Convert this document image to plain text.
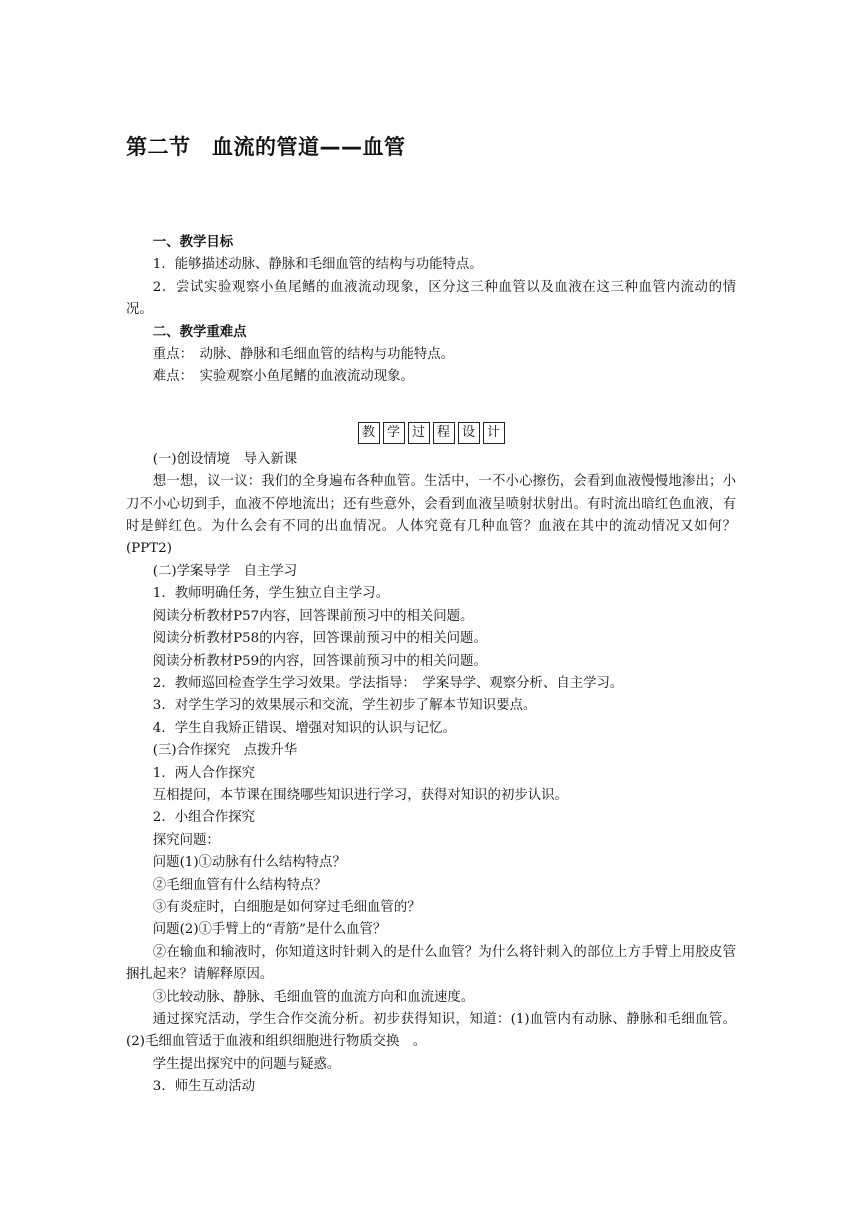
第二节　血流的管道——血管

一、教学目标

1．能够描述动脉、静脉和毛细血管的结构与功能特点。

2．尝试实验观察小鱼尾鳍的血液流动现象，区分这三种血管以及血液在这三种血管内流动的情况。

二、教学重难点

重点：　动脉、静脉和毛细血管的结构与功能特点。

难点：　实验观察小鱼尾鳍的血液流动现象。

教 学 过 程 设 计

(一)创设情境　导入新课

想一想，议一议：我们的全身遍布各种血管。生活中，一不小心擦伤，会看到血液慢慢地渗出；小刀不小心切到手，血液不停地流出；还有些意外，会看到血液呈喷射状射出。有时流出暗红色血液，有时是鲜红色。为什么会有不同的出血情况。人体究竟有几种血管？血液在其中的流动情况又如何？(PPT2)

(二)学案导学　自主学习

1．教师明确任务，学生独立自主学习。

阅读分析教材P57内容，回答课前预习中的相关问题。

阅读分析教材P58的内容，回答课前预习中的相关问题。

阅读分析教材P59的内容，回答课前预习中的相关问题。

2．教师巡回检查学生学习效果。学法指导：　学案导学、观察分析、自主学习。

3．对学生学习的效果展示和交流，学生初步了解本节知识要点。

4．学生自我矫正错误、增强对知识的认识与记忆。

(三)合作探究　点拨升华

1．两人合作探究

互相提问，本节课在围绕哪些知识进行学习，获得对知识的初步认识。

2．小组合作探究

探究问题：

问题(1)①动脉有什么结构特点？

②毛细血管有什么结构特点？

③有炎症时，白细胞是如何穿过毛细血管的？

问题(2)①手臂上的“青筋”是什么血管？

②在输血和输液时，你知道这时针刺入的是什么血管？为什么将针刺入的部位上方手臂上用胶皮管捆扎起来？请解释原因。

③比较动脉、静脉、毛细血管的血流方向和血流速度。

通过探究活动，学生合作交流分析。初步获得知识，知道：(1)血管内有动脉、静脉和毛细血管。(2)毛细血管适于血液和组织细胞进行物质交换　。

学生提出探究中的问题与疑惑。

3．师生互动活动
